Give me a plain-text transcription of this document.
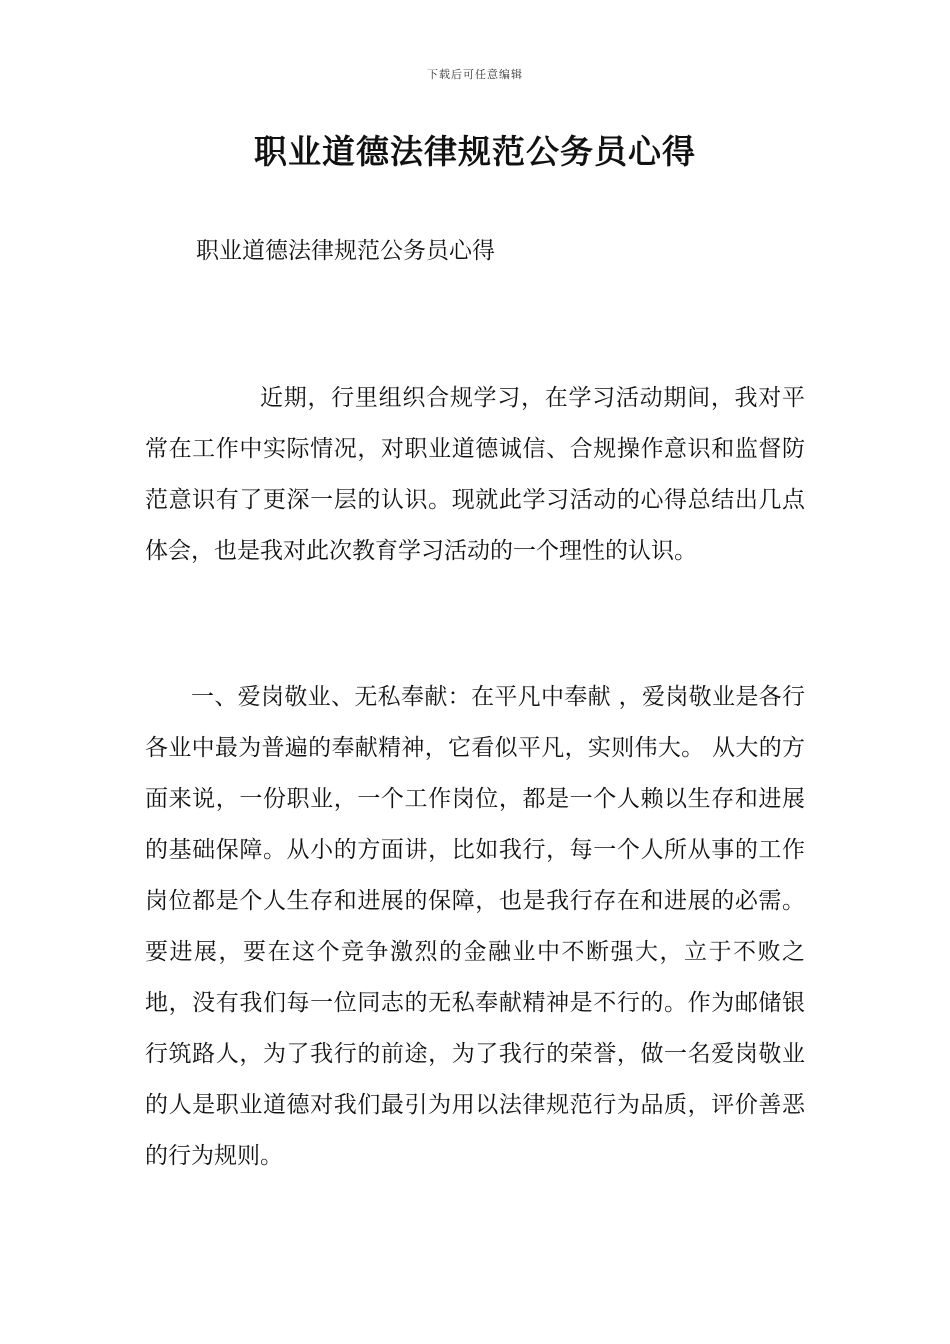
下载后可任意编辑
职业道德法律规范公务员心得

职业道德法律规范公务员心得

近期，行里组织合规学习，在学习活动期间，我对平常在工作中实际情况，对职业道德诚信、合规操作意识和监督防范意识有了更深一层的认识。现就此学习活动的心得总结出几点体会，也是我对此次教育学习活动的一个理性的认识。

一、爱岗敬业、无私奉献：在平凡中奉献 ，爱岗敬业是各行各业中最为普遍的奉献精神，它看似平凡，实则伟大。 从大的方面来说，一份职业，一个工作岗位，都是一个人赖以生存和进展的基础保障。从小的方面讲，比如我行，每一个人所从事的工作岗位都是个人生存和进展的保障，也是我行存在和进展的必需。要进展，要在这个竞争激烈的金融业中不断强大，立于不败之地，没有我们每一位同志的无私奉献精神是不行的。作为邮储银行筑路人，为了我行的前途，为了我行的荣誉，做一名爱岗敬业的人是职业道德对我们最引为用以法律规范行为品质，评价善恶的行为规则。
